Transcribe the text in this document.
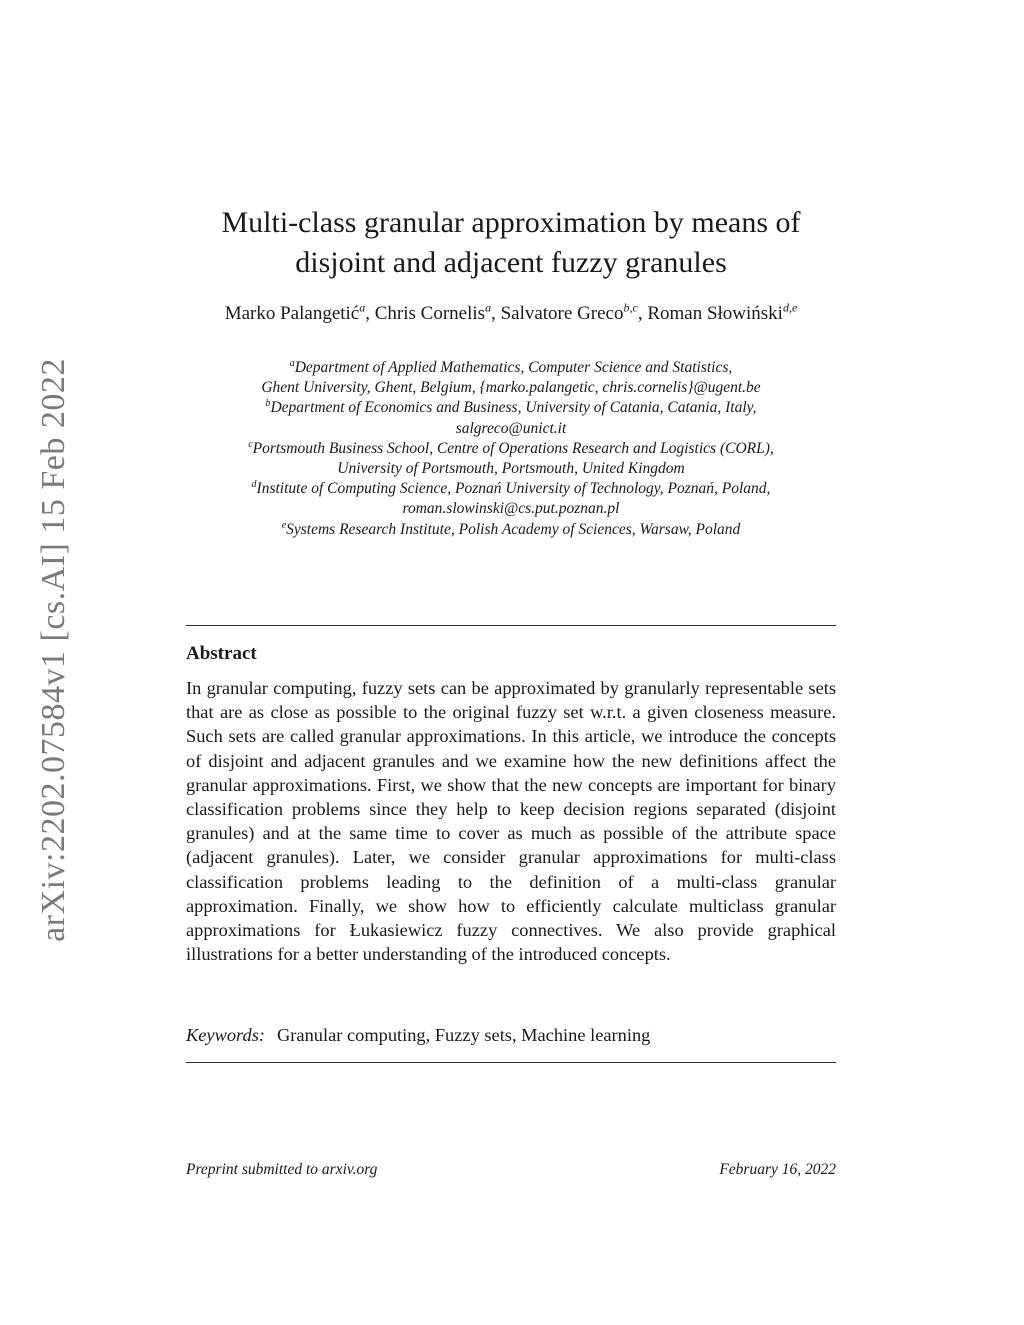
arXiv:2202.07584v1 [cs.AI] 15 Feb 2022
Multi-class granular approximation by means of disjoint and adjacent fuzzy granules
Marko Palangetić$^a$, Chris Cornelis$^a$, Salvatore Greco$^{b,c}$, Roman Słowiński$^{d,e}$
$^a$Department of Applied Mathematics, Computer Science and Statistics,
Ghent University, Ghent, Belgium, {marko.palangetic, chris.cornelis}@ugent.be
$^b$Department of Economics and Business, University of Catania, Catania, Italy,
salgreco@unict.it
$^c$Portsmouth Business School, Centre of Operations Research and Logistics (CORL),
University of Portsmouth, Portsmouth, United Kingdom
$^d$Institute of Computing Science, Poznań University of Technology, Poznań, Poland,
roman.slowinski@cs.put.poznan.pl
$^e$Systems Research Institute, Polish Academy of Sciences, Warsaw, Poland
Abstract

In granular computing, fuzzy sets can be approximated by granularly representable sets that are as close as possible to the original fuzzy set w.r.t. a given closeness measure. Such sets are called granular approximations. In this article, we introduce the concepts of disjoint and adjacent granules and we examine how the new definitions affect the granular approximations. First, we show that the new concepts are important for binary classification problems since they help to keep decision regions separated (disjoint granules) and at the same time to cover as much as possible of the attribute space (adjacent granules). Later, we consider granular approximations for multi-class classification problems leading to the definition of a multi-class granular approximation. Finally, we show how to efficiently calculate multiclass granular approximations for Łukasiewicz fuzzy connectives. We also provide graphical illustrations for a better understanding of the introduced concepts.

Keywords: Granular computing, Fuzzy sets, Machine learning
Preprint submitted to arxiv.org	February 16, 2022
